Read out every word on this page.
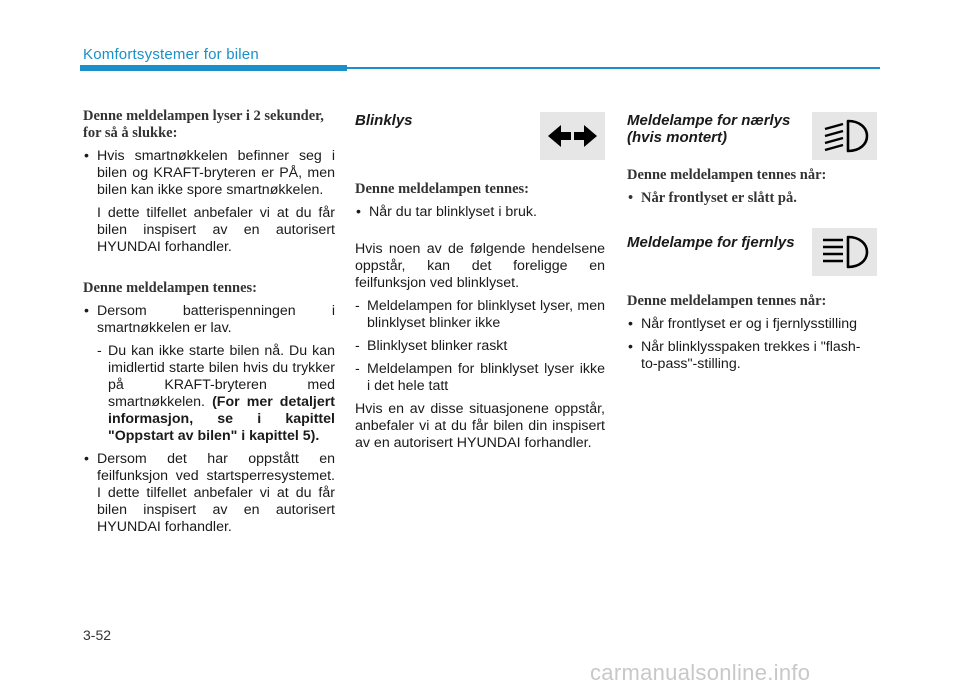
Komfortsystemer for bilen
Denne meldelampen lyser i 2 sekunder, for så å slukke:
• Hvis smartnøkkelen befinner seg i bilen og KRAFT-bryteren er PÅ, men bilen kan ikke spore smartnøkkelen.
I dette tilfellet anbefaler vi at du får bilen inspisert av en autorisert HYUNDAI forhandler.
Denne meldelampen tennes:
• Dersom batterispenningen i smartnøkkelen er lav.
- Du kan ikke starte bilen nå. Du kan imidlertid starte bilen hvis du trykker på KRAFT-bryteren med smartnøkkelen. (For mer detaljert informasjon, se i kapittel "Oppstart av bilen" i kapittel 5).
• Dersom det har oppstått en feilfunksjon ved startsperresystemet. I dette tilfellet anbefaler vi at du får bilen inspisert av en autorisert HYUNDAI forhandler.
Blinklys
Denne meldelampen tennes:
• Når du tar blinklyset i bruk.
Hvis noen av de følgende hendelsene oppstår, kan det foreligge en feilfunksjon ved blinklyset.
- Meldelampen for blinklyset lyser, men blinklyset blinker ikke
- Blinklyset blinker raskt
- Meldelampen for blinklyset lyser ikke i det hele tatt
Hvis en av disse situasjonene oppstår, anbefaler vi at du får bilen din inspisert av en autorisert HYUNDAI forhandler.
Meldelampe for nærlys (hvis montert)
Denne meldelampen tennes når:
• Når frontlyset er slått på.
Meldelampe for fjernlys
Denne meldelampen tennes når:
• Når frontlyset er og i fjernlysstilling
• Når blinklysspaken trekkes i "flash-to-pass"-stilling.
3-52
carmanualsonline.info
